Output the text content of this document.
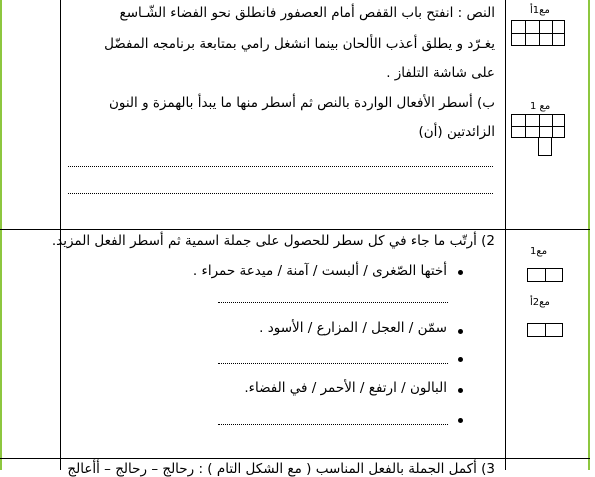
النص : انفتح باب القفص أمام العصفور فانطلق نحو الفضاء الشّـاسع
يغـرّد و يطلق أعذب الألحان بينما انشغل رامي بمتابعة برنامجه المفضّل
على شاشة التلفاز .
ب) أسطر الأفعال الواردة بالنص ثم أسطر منها ما يبدأ بالهمزة و النون
الزائدتين (أن)
مع1أ
مع 1
2) أرتّب ما جاء في كل سطر للحصول على جملة اسمية ثم أسطر الفعل المزيد.
أختها الصّغرى / ألبست / آمنة / ميدعة حمراء .
سمّن / العجل / المزارع / الأسود .
البالون / ارتفع / الأحمر / في الفضاء.
مع1
مع2أ
3) أكمل الجملة بالفعل المناسب ( مع الشكل التام ) : رحالج – رحالج – أأعالج
